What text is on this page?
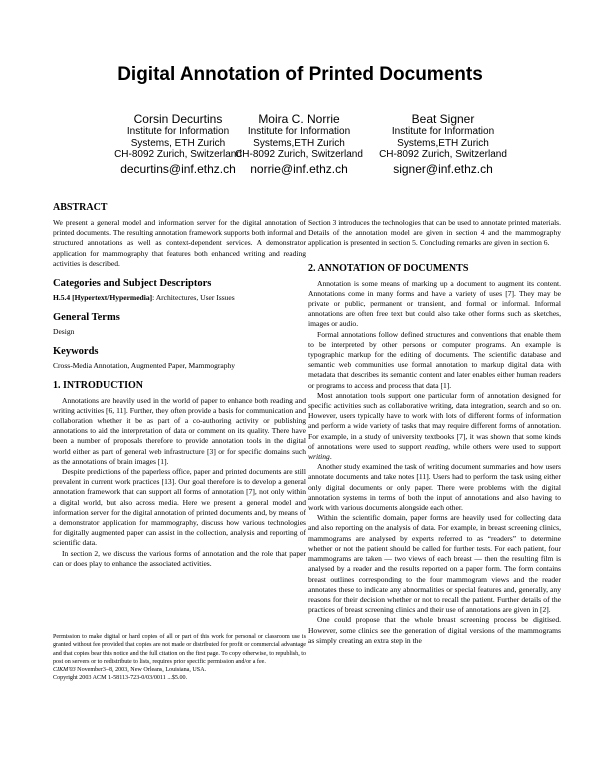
Digital Annotation of Printed Documents
Corsin Decurtins
Institute for Information
Systems, ETH Zurich
CH-8092 Zurich, Switzerland
decurtins@inf.ethz.ch
Moira C. Norrie
Institute for Information
Systems,ETH Zurich
CH-8092 Zurich, Switzerland
norrie@inf.ethz.ch
Beat Signer
Institute for Information
Systems,ETH Zurich
CH-8092 Zurich, Switzerland
signer@inf.ethz.ch
ABSTRACT

We present a general model and information server for the digital annotation of printed documents. The resulting annotation framework supports both informal and structured annotations as well as context-dependent services. A demonstrator application for mammography that features both enhanced writing and reading activities is described.

Categories and Subject Descriptors

H.5.4 [Hypertext/Hypermedia]: Architectures, User Issues

General Terms

Design

Keywords

Cross-Media Annotation, Augmented Paper, Mammography

1. INTRODUCTION

Annotations are heavily used in the world of paper to enhance both reading and writing activities [6, 11]. Further, they often provide a basis for communication and collaboration whether it be as part of a co-authoring activity or publishing annotations to aid the interpretation of data or comment on its quality. There have been a number of proposals therefore to provide annotation tools in the digital world either as part of general web infrastructure [3] or for specific domains such as the annotations of brain images [1].

Despite predictions of the paperless office, paper and printed documents are still prevalent in current work practices [13]. Our goal therefore is to develop a general annotation framework that can support all forms of annotation [7], not only within a digital world, but also across media. Here we present a general model and information server for the digital annotation of printed documents and, by means of a demonstrator application for mammography, discuss how various technologies for digitally augmented paper can assist in the collection, analysis and reporting of scientific data.

In section 2, we discuss the various forms of annotation and the role that paper can or does play to enhance the associated activities.

Permission to make digital or hard copies of all or part of this work for personal or classroom use is granted without fee provided that copies are not made or distributed for profit or commercial advantage and that copies bear this notice and the full citation on the first page. To copy otherwise, to republish, to post on servers or to redistribute to lists, requires prior specific permission and/or a fee.
CIKM'03 November3–8, 2003, New Orleans, Louisiana, USA.
Copyright 2003 ACM 1-58113-723-0/03/0011 ...$5.00.

Section 3 introduces the technologies that can be used to annotate printed materials. Details of the annotation model are given in section 4 and the mammography application is presented in section 5. Concluding remarks are given in section 6.

2. ANNOTATION OF DOCUMENTS

Annotation is some means of marking up a document to augment its content. Annotations come in many forms and have a variety of uses [7]. They may be private or public, permanent or transient, and formal or informal. Informal annotations are often free text but could also take other forms such as sketches, images or audio.

Formal annotations follow defined structures and conventions that enable them to be interpreted by other persons or computer programs. An example is typographic markup for the editing of documents. The scientific database and semantic web communities use formal annotation to markup digital data with metadata that describes its semantic content and later enables either human readers or programs to access and process that data [1].

Most annotation tools support one particular form of annotation designed for specific activities such as collaborative writing, data integration, search and so on. However, users typically have to work with lots of different forms of information and perform a wide variety of tasks that may require different forms of annotation. For example, in a study of university textbooks [7], it was shown that some kinds of annotations were used to support reading, while others were used to support writing.

Another study examined the task of writing document summaries and how users annotate documents and take notes [11]. Users had to perform the task using either only digital documents or only paper. There were problems with the digital annotation systems in terms of both the input of annotations and also having to work with various documents alongside each other.

Within the scientific domain, paper forms are heavily used for collecting data and also reporting on the analysis of data. For example, in breast screening clinics, mammograms are analysed by experts referred to as “readers” to determine whether or not the patient should be called for further tests. For each patient, four mammograms are taken — two views of each breast — then the resulting film is analysed by a reader and the results reported on a paper form. The form contains breast outlines corresponding to the four mammogram views and the reader annotates these to indicate any abnormalities or special features and, generally, any reasons for their decision whether or not to recall the patient. Further details of the practices of breast screening clinics and their use of annotations are given in [2].

One could propose that the whole breast screening process be digitised. However, some clinics see the generation of digital versions of the mammograms as simply creating an extra step in the
